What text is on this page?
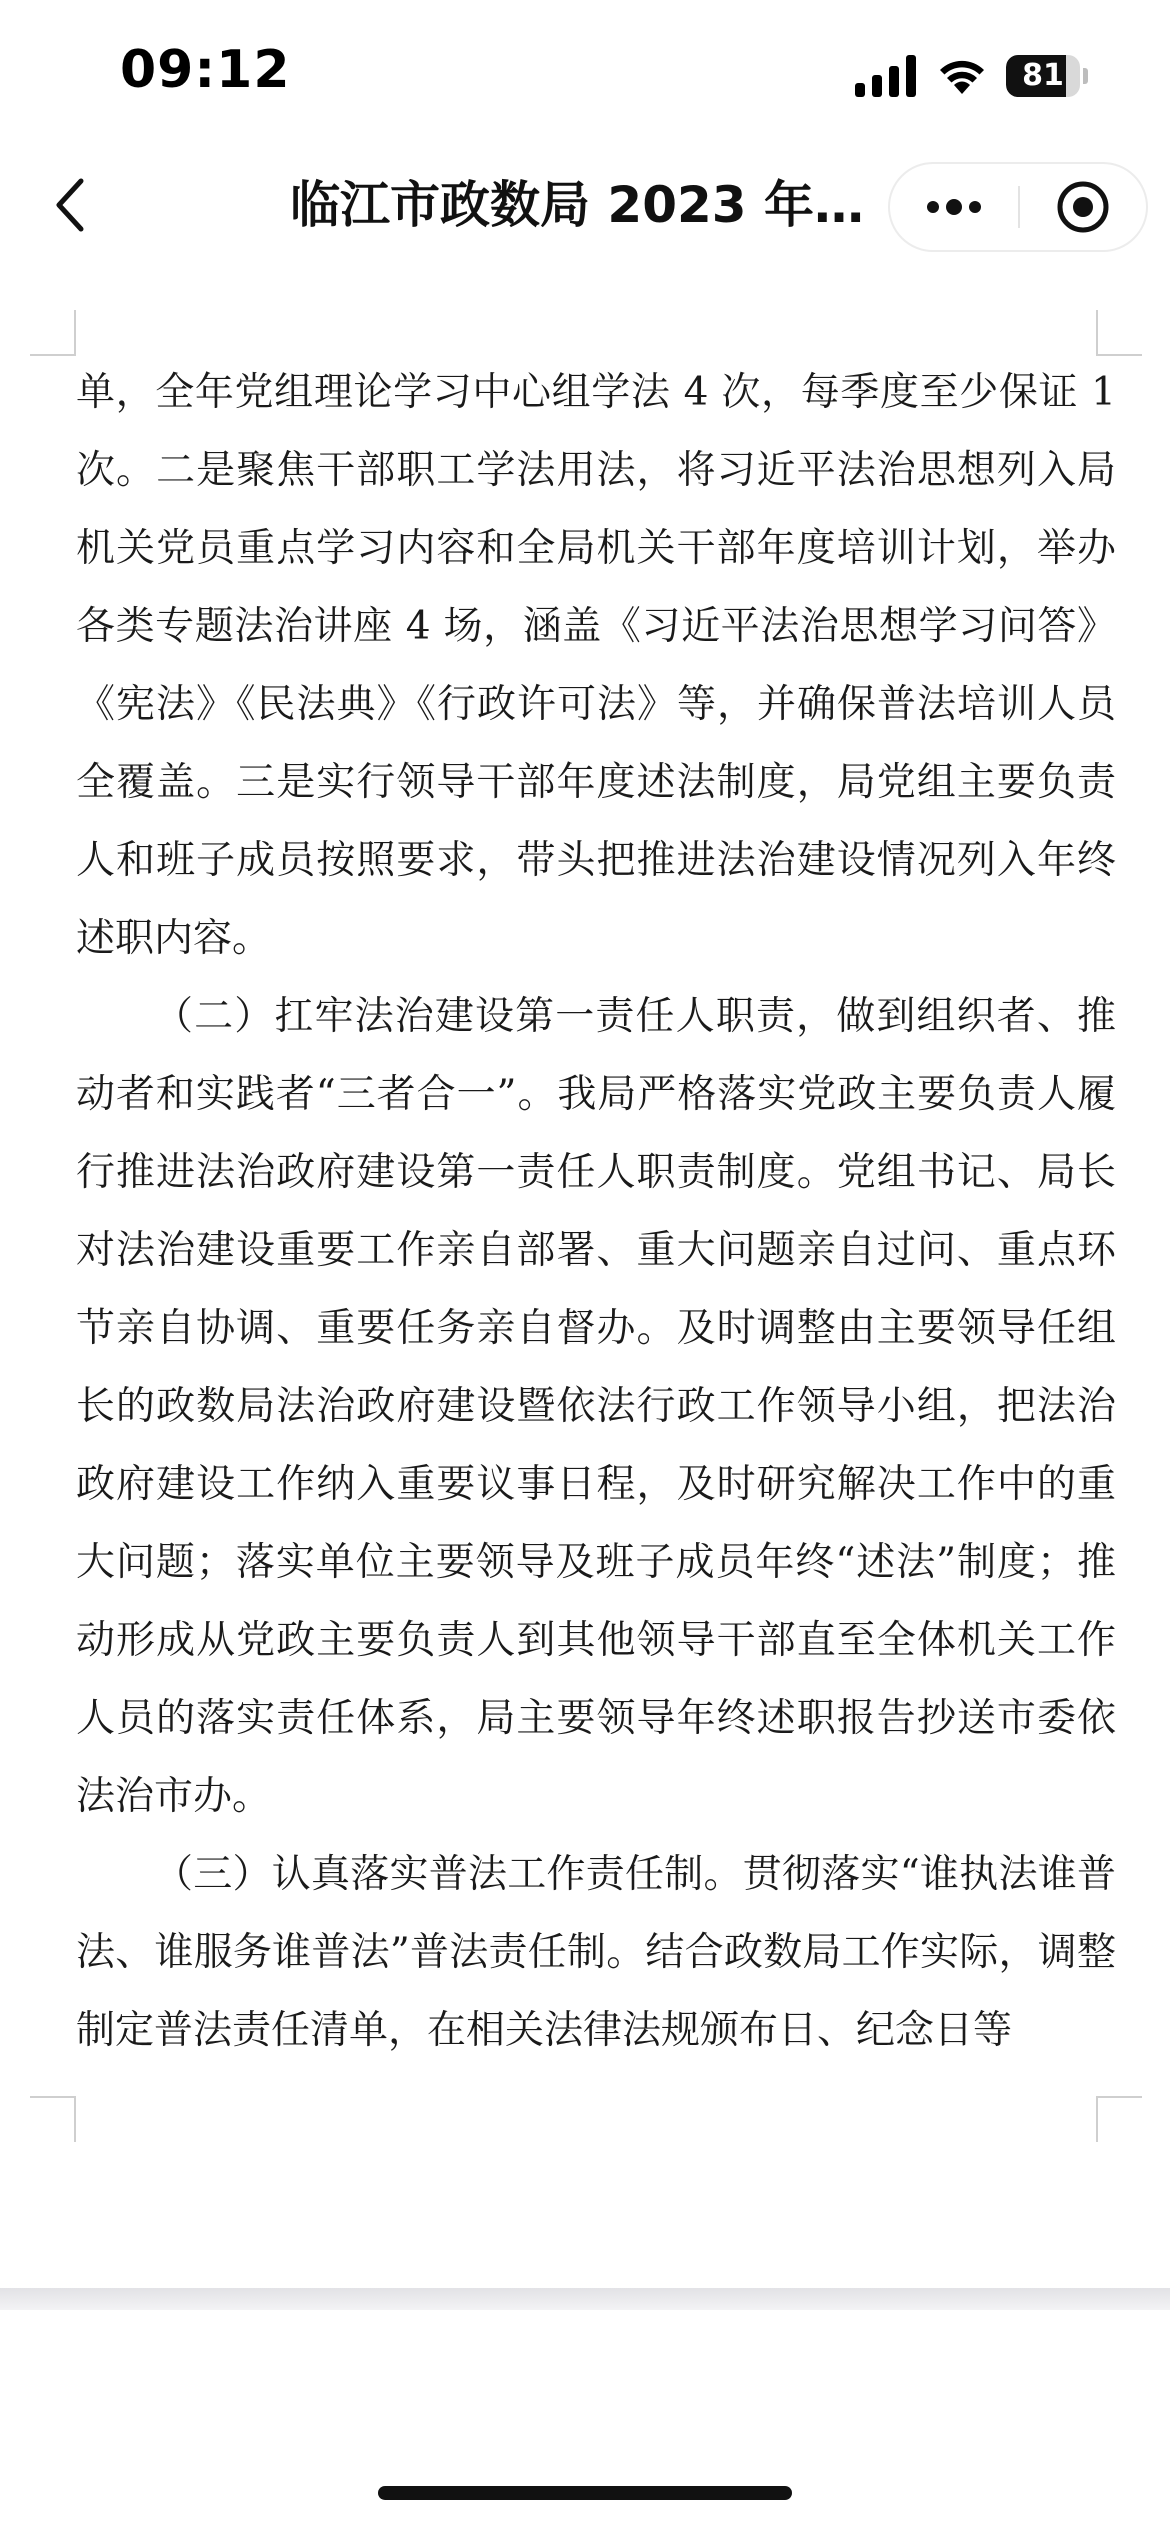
09:12	81
临江市政数局 2023 年…

单，全年党组理论学习中心组学法 4 次，每季度至少保证 1 次。二是聚焦干部职工学法用法，将习近平法治思想列入局机关党员重点学习内容和全局机关干部年度培训计划，举办各类专题法治讲座 4 场，涵盖《习近平法治思想学习问答》《宪法》《民法典》《行政许可法》等，并确保普法培训人员全覆盖。三是实行领导干部年度述法制度，局党组主要负责人和班子成员按照要求，带头把推进法治建设情况列入年终述职内容。

（二）扛牢法治建设第一责任人职责，做到组织者、推动者和实践者“三者合一”。我局严格落实党政主要负责人履行推进法治政府建设第一责任人职责制度。党组书记、局长对法治建设重要工作亲自部署、重大问题亲自过问、重点环节亲自协调、重要任务亲自督办。及时调整由主要领导任组长的政数局法治政府建设暨依法行政工作领导小组，把法治政府建设工作纳入重要议事日程，及时研究解决工作中的重大问题；落实单位主要领导及班子成员年终“述法”制度；推动形成从党政主要负责人到其他领导干部直至全体机关工作人员的落实责任体系，局主要领导年终述职报告抄送市委依法治市办。

（三）认真落实普法工作责任制。贯彻落实“谁执法谁普法、谁服务谁普法”普法责任制。结合政数局工作实际，调整制定普法责任清单，在相关法律法规颁布日、纪念日等
